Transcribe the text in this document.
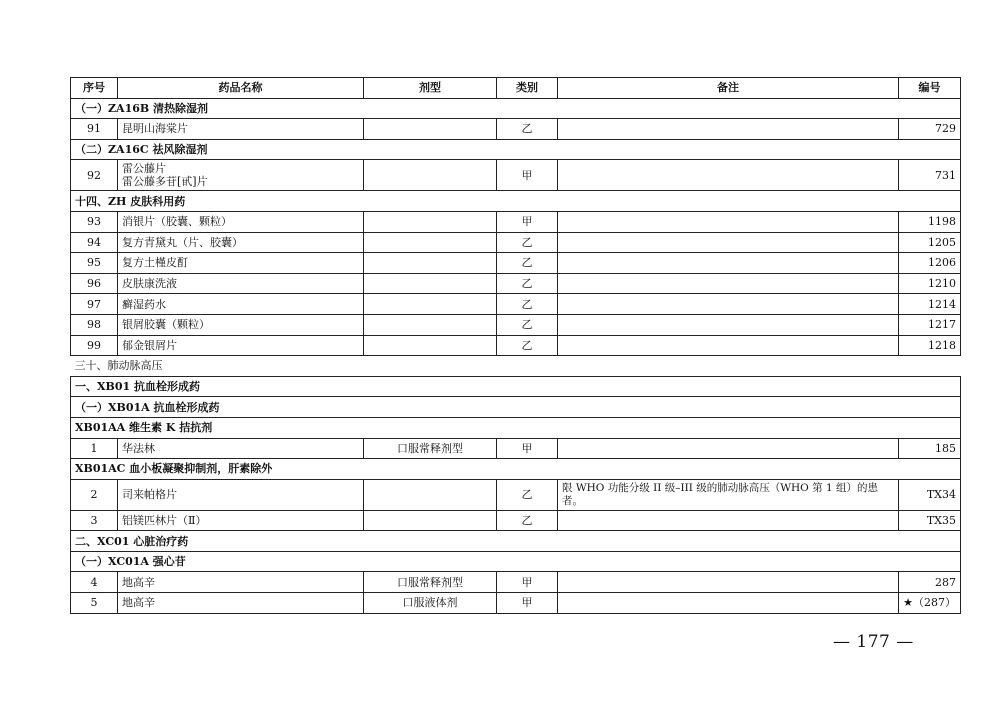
序号	药品名称	剂型	类别	备注	编号
（一）ZA16B 清热除湿剂					
91	昆明山海棠片		乙		729
（二）ZA16C 祛风除湿剂					
92	雷公藤片
雷公藤多苷[甙]片		甲		731
十四、ZH 皮肤科用药					
93	消银片（胶囊、颗粒）		甲		1198
94	复方青黛丸（片、胶囊）		乙		1205
95	复方土槿皮酊		乙		1206
96	皮肤康洗液		乙		1210
97	癣湿药水		乙		1214
98	银屑胶囊（颗粒）		乙		1217
99	郁金银屑片		乙		1218
三十、肺动脉高压					
一、XB01 抗血栓形成药					
（一）XB01A 抗血栓形成药					
XB01AA 维生素 K 拮抗剂					
1	华法林	口服常释剂型	甲		185
XB01AC 血小板凝聚抑制剂，肝素除外					
2	司来帕格片		乙	限 WHO 功能分级 II 级–III 级的肺动脉高压（WHO 第 1 组）的患者。	TX34
3	铝镁匹林片（Ⅱ）		乙		TX35
二、XC01 心脏治疗药					
（一）XC01A 强心苷					
4	地高辛	口服常释剂型	甲		287
5	地高辛	口服液体剂	甲		★（287）
— 177 —
